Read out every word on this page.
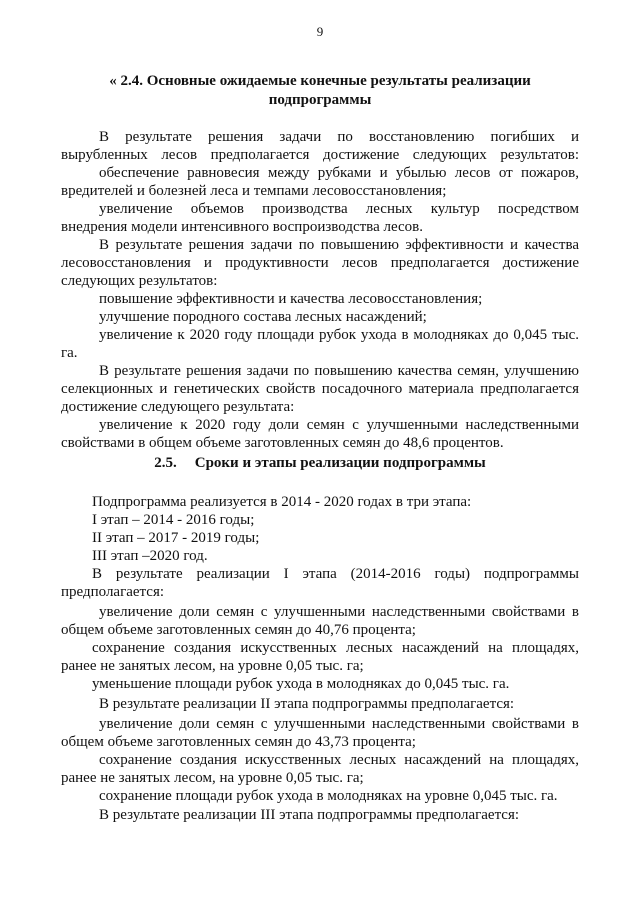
9
« 2.4. Основные ожидаемые конечные результаты реализации
подпрограммы
В результате решения задачи по восстановлению погибших и
вырубленных лесов предполагается достижение следующих результатов:
обеспечение равновесия между рубками и убылью лесов от пожаров,
вредителей и болезней леса и темпами лесовосстановления;
увеличение объемов производства лесных культур посредством
внедрения модели интенсивного воспроизводства лесов.
В результате решения задачи по повышению эффективности и качества
лесовосстановления и продуктивности лесов предполагается достижение
следующих результатов:
повышение эффективности и качества лесовосстановления;
улучшение породного состава лесных насаждений;
увеличение к 2020 году площади рубок ухода в молодняках до 0,045 тыс.
га.
В результате решения задачи по повышению качества семян, улучшению
селекционных и генетических свойств посадочного материала предполагается
достижение следующего результата:
увеличение к 2020 году доли семян с улучшенными наследственными
свойствами в общем объеме заготовленных семян до 48,6 процентов.
2.5. Сроки и этапы реализации подпрограммы
Подпрограмма реализуется в 2014 - 2020 годах в три этапа:
I этап – 2014 - 2016 годы;
II этап – 2017 - 2019 годы;
III этап –2020 год.
В результате реализации I этапа (2014-2016 годы) подпрограммы
предполагается:
увеличение доли семян с улучшенными наследственными свойствами в
общем объеме заготовленных семян до 40,76 процента;
сохранение создания искусственных лесных насаждений на площадях,
ранее не занятых лесом, на уровне 0,05 тыс. га;
уменьшение площади рубок ухода в молодняках до 0,045 тыс. га.
В результате реализации II этапа подпрограммы предполагается:
увеличение доли семян с улучшенными наследственными свойствами в
общем объеме заготовленных семян до 43,73 процента;
сохранение создания искусственных лесных насаждений на площадях,
ранее не занятых лесом, на уровне 0,05 тыс. га;
сохранение площади рубок ухода в молодняках на уровне 0,045 тыс. га.
В результате реализации III этапа подпрограммы предполагается:
